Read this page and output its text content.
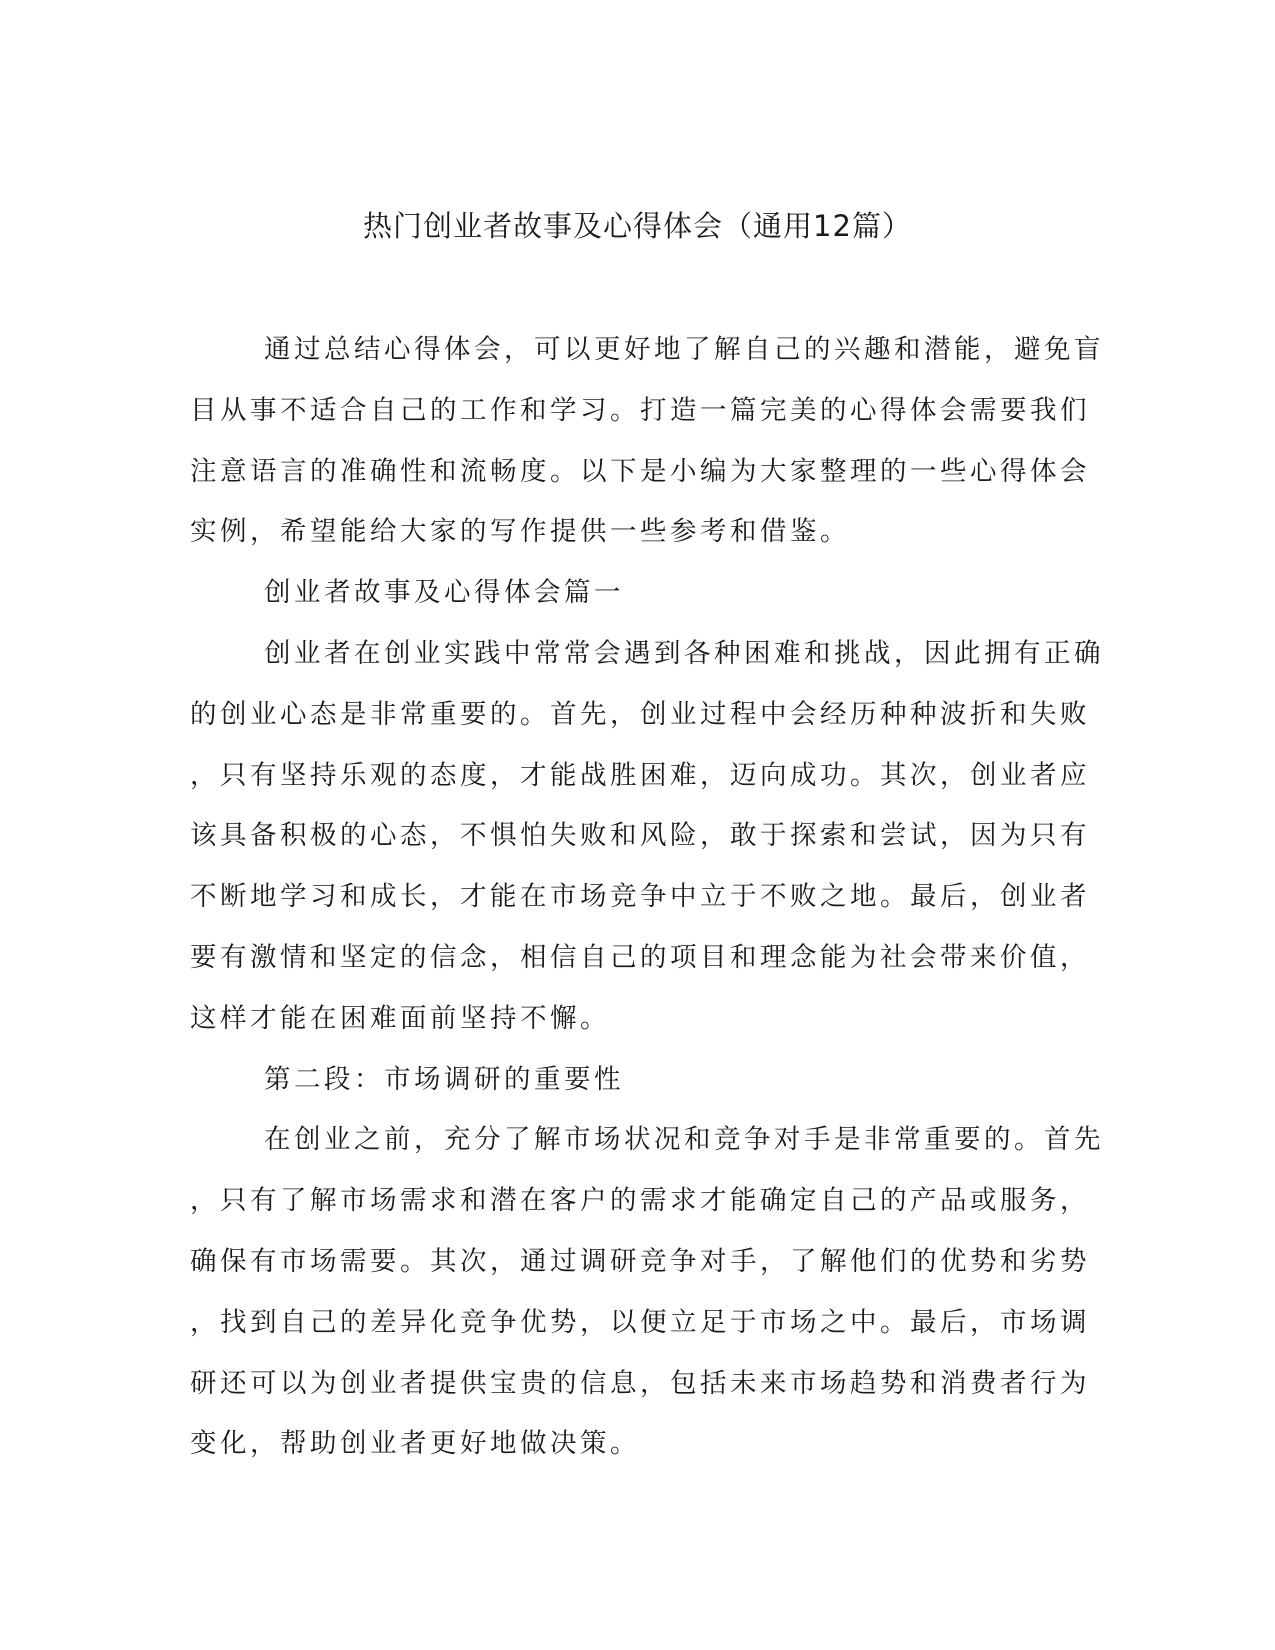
热门创业者故事及心得体会（通用12篇）
通过总结心得体会，可以更好地了解自己的兴趣和潜能，避免盲
目从事不适合自己的工作和学习。打造一篇完美的心得体会需要我们
注意语言的准确性和流畅度。以下是小编为大家整理的一些心得体会
实例，希望能给大家的写作提供一些参考和借鉴。
创业者故事及心得体会篇一
创业者在创业实践中常常会遇到各种困难和挑战，因此拥有正确
的创业心态是非常重要的。首先，创业过程中会经历种种波折和失败
，只有坚持乐观的态度，才能战胜困难，迈向成功。其次，创业者应
该具备积极的心态，不惧怕失败和风险，敢于探索和尝试，因为只有
不断地学习和成长，才能在市场竞争中立于不败之地。最后，创业者
要有激情和坚定的信念，相信自己的项目和理念能为社会带来价值，
这样才能在困难面前坚持不懈。
第二段：市场调研的重要性
在创业之前，充分了解市场状况和竞争对手是非常重要的。首先
，只有了解市场需求和潜在客户的需求才能确定自己的产品或服务，
确保有市场需要。其次，通过调研竞争对手，了解他们的优势和劣势
，找到自己的差异化竞争优势，以便立足于市场之中。最后，市场调
研还可以为创业者提供宝贵的信息，包括未来市场趋势和消费者行为
变化，帮助创业者更好地做决策。
